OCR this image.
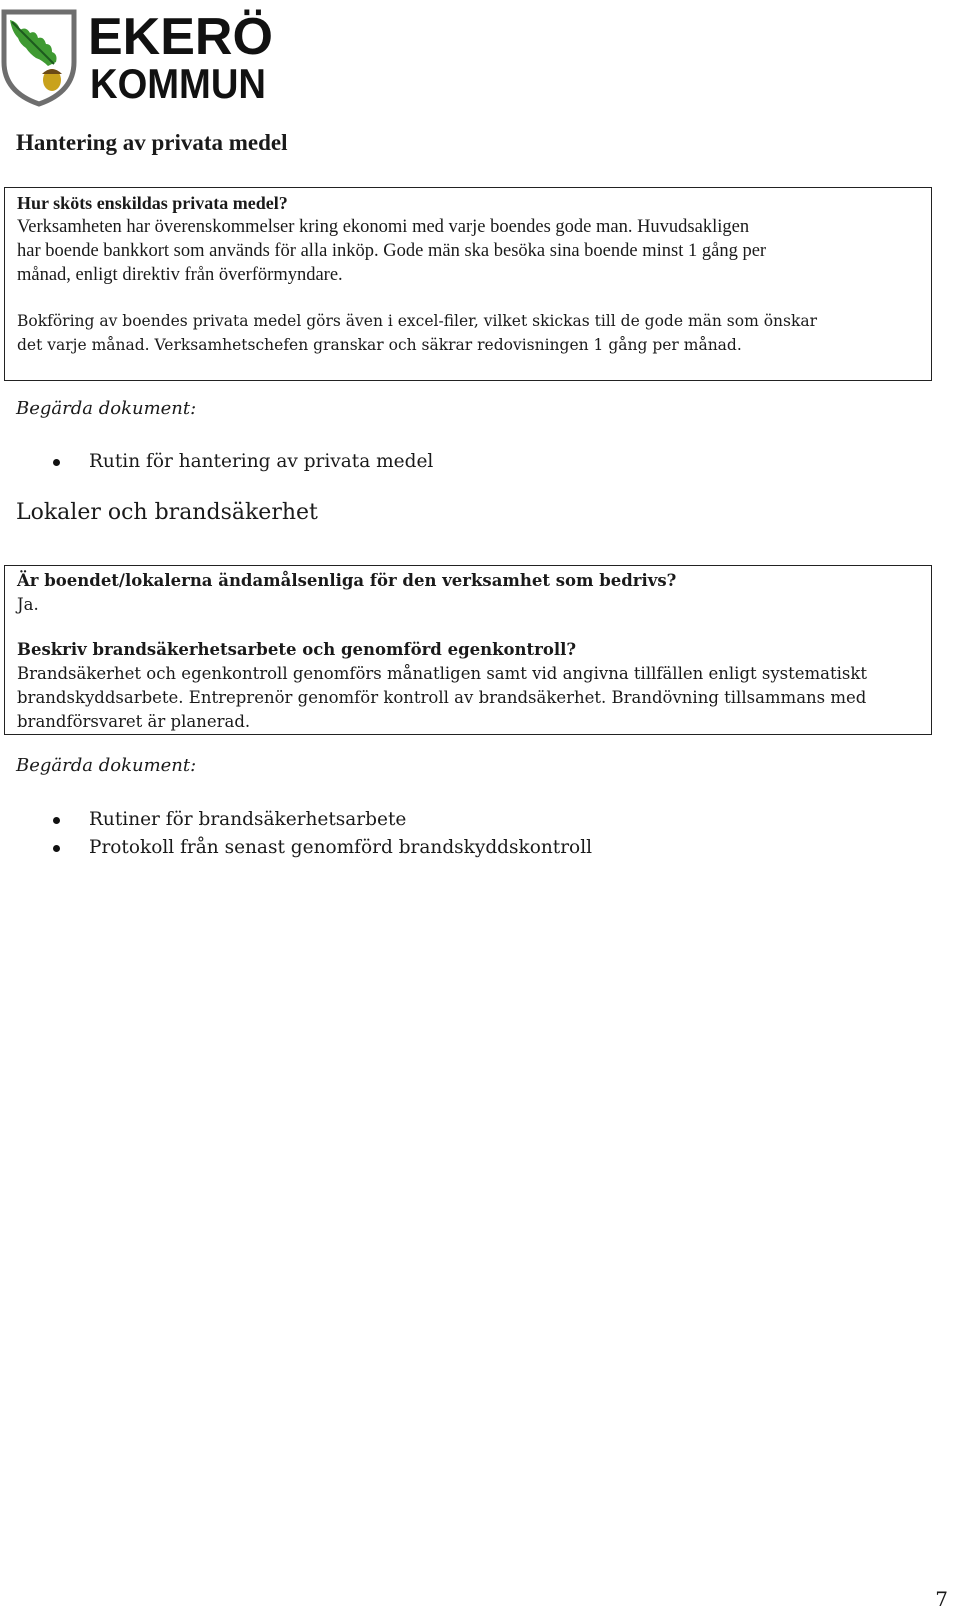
EKERÖ
KOMMUN
Hantering av privata medel
Hur sköts enskildas privata medel?
Verksamheten har överenskommelser kring ekonomi med varje boendes gode man. Huvudsakligen
har boende bankkort som används för alla inköp. Gode män ska besöka sina boende minst 1 gång per
månad, enligt direktiv från överförmyndare.
Bokföring av boendes privata medel görs även i excel-filer, vilket skickas till de gode män som önskar
det varje månad. Verksamhetschefen granskar och säkrar redovisningen 1 gång per månad.
Begärda dokument:
Rutin för hantering av privata medel
Lokaler och brandsäkerhet
Är boendet/lokalerna ändamålsenliga för den verksamhet som bedrivs?
Ja.
Beskriv brandsäkerhetsarbete och genomförd egenkontroll?
Brandsäkerhet och egenkontroll genomförs månatligen samt vid angivna tillfällen enligt systematiskt
brandskyddsarbete. Entreprenör genomför kontroll av brandsäkerhet. Brandövning tillsammans med
brandförsvaret är planerad.
Begärda dokument:
Rutiner för brandsäkerhetsarbete
Protokoll från senast genomförd brandskyddskontroll
7
